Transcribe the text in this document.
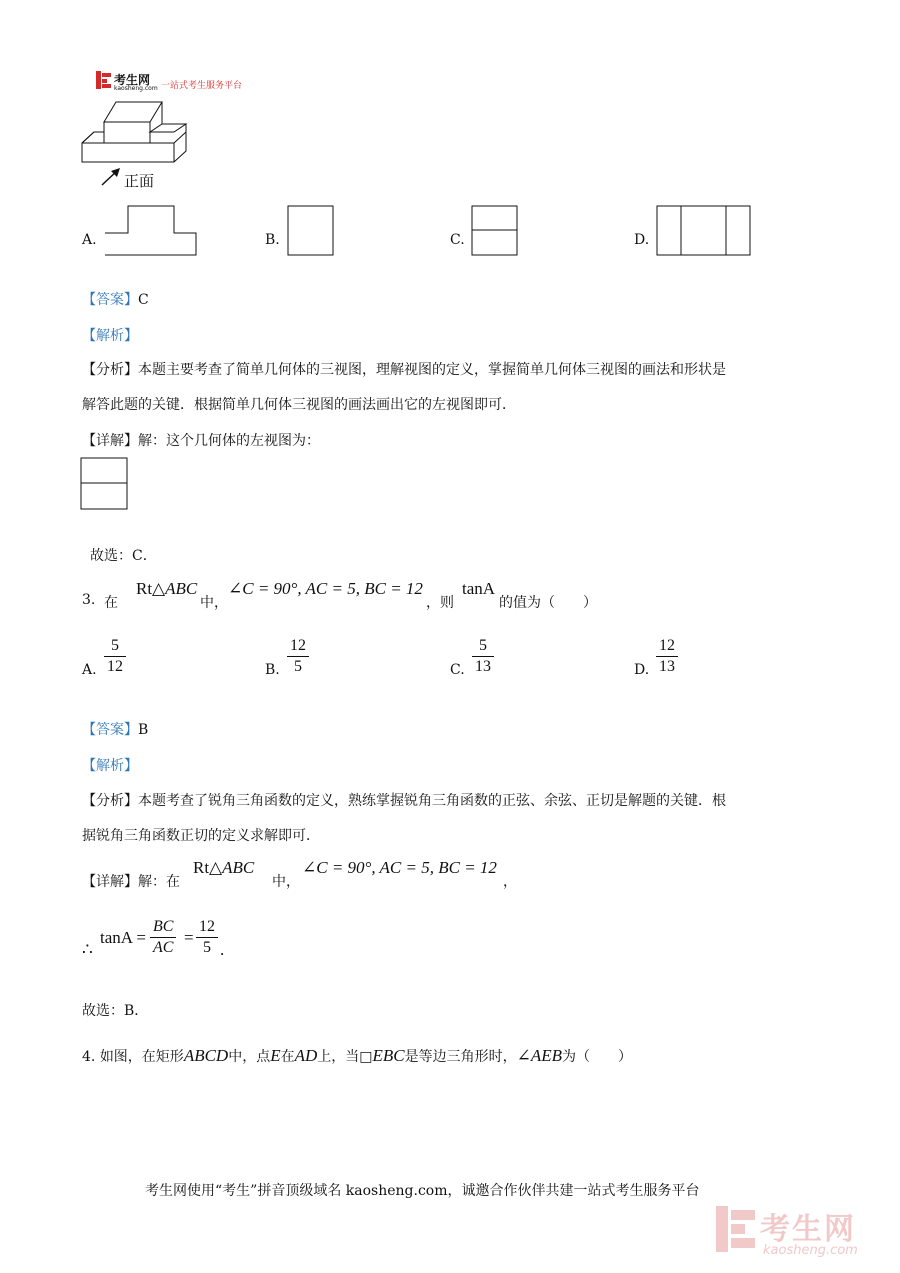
考生网
kaosheng.com 一站式考生服务平台
正面
A.	B.	C.	D.
【答案】C
【解析】
【分析】本题主要考查了简单几何体的三视图，理解视图的定义，掌握简单几何体三视图的画法和形状是
解答此题的关键．根据简单几何体三视图的画法画出它的左视图即可．
【详解】解：这个几何体的左视图为：
故选：C．
3. 在
Rt△ABC
中，
∠C = 90°, AC = 5, BC = 12
，则
tanA
的值为（　　）
A. $\frac{5}{12}$	B. $\frac{12}{5}$	C. $\frac{5}{13}$	D. $\frac{12}{13}$
【答案】B
【解析】
【分析】本题考查了锐角三角函数的定义，熟练掌握锐角三角函数的正弦、余弦、正切是解题的关键．根
据锐角三角函数正切的定义求解即可．
【详解】解：在
Rt△ABC
中，
∠C = 90°, AC = 5, BC = 12
，
∴
$\tan A = \frac{BC}{AC} = \frac{12}{5}$ .
故选：B．
4. 如图，在矩形ABCD中，点E在AD上，当□EBC是等边三角形时，∠AEB为（　　）
考生网使用“考生”拼音顶级域名 kaosheng.com，诚邀合作伙伴共建一站式考生服务平台
考生网
kaosheng.com
